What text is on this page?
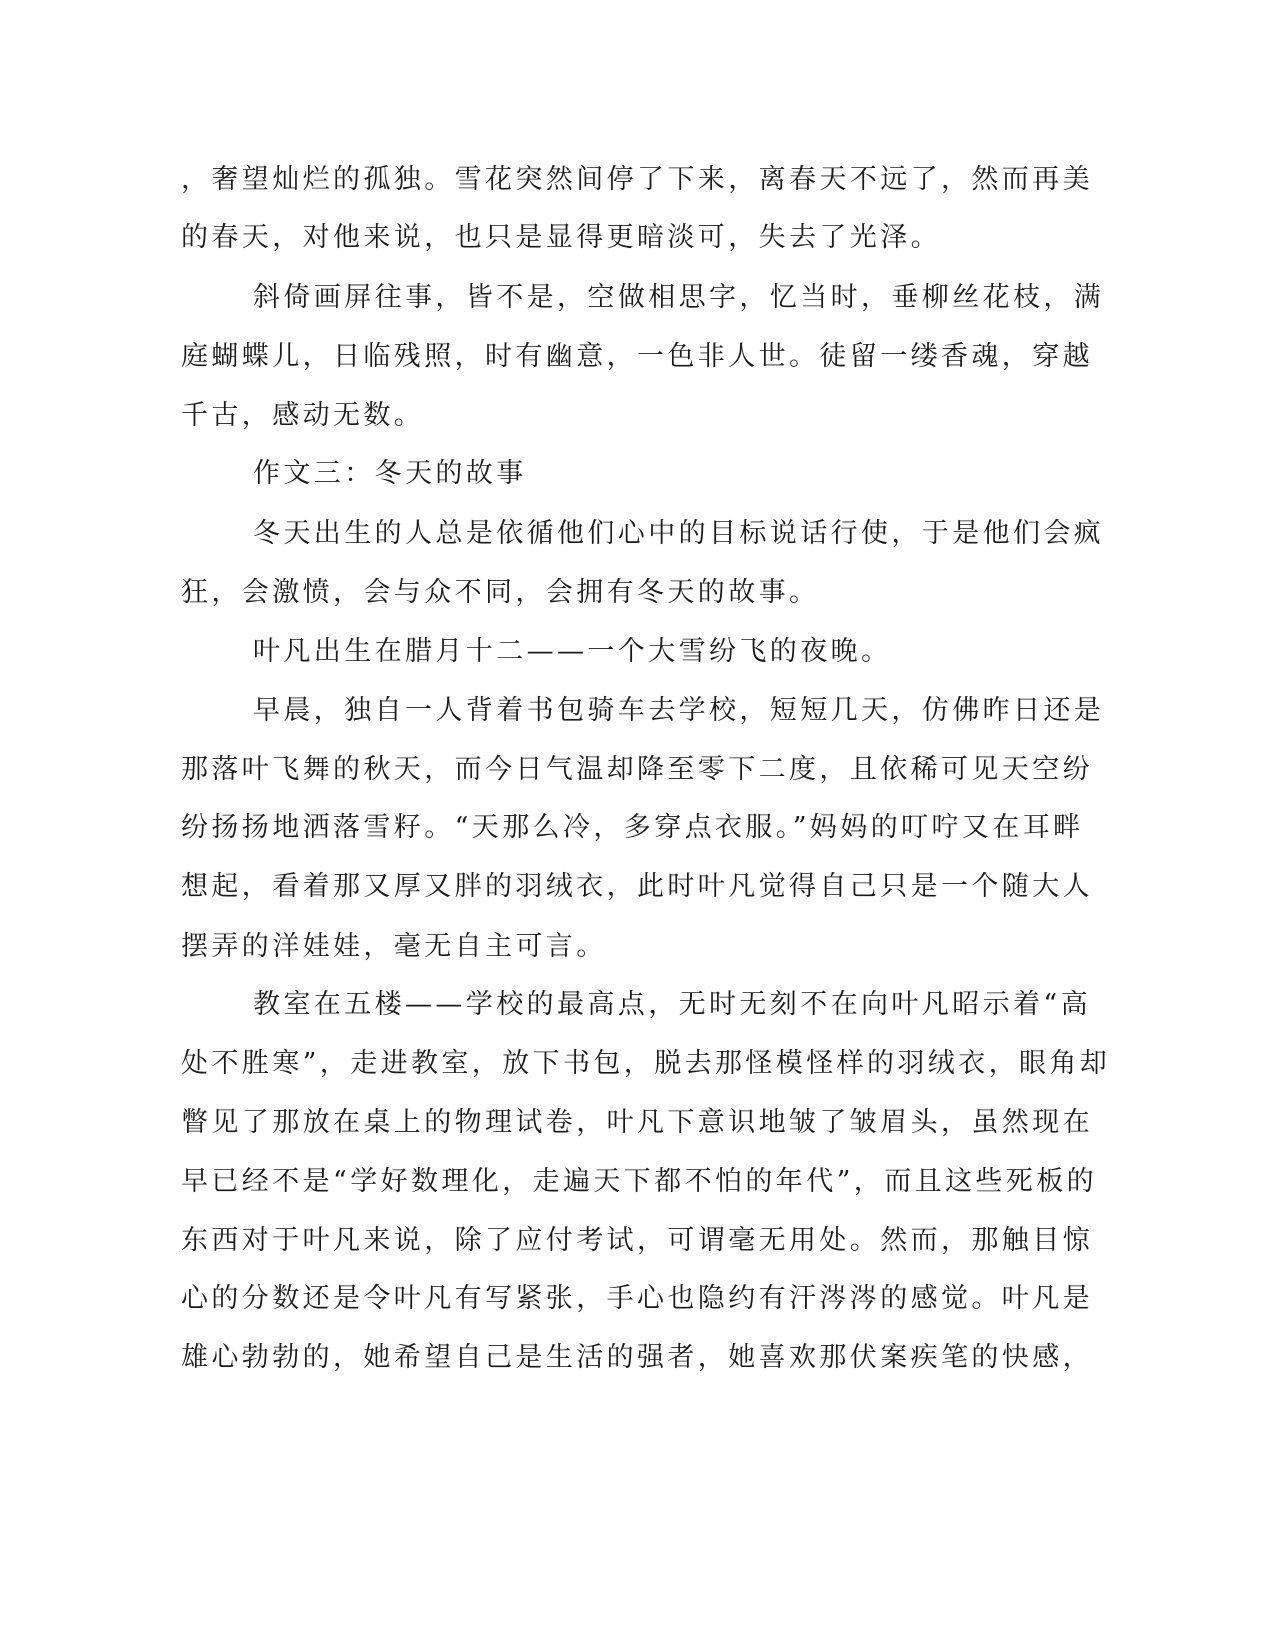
，奢望灿烂的孤独。雪花突然间停了下来，离春天不远了，然而再美
的春天，对他来说，也只是显得更暗淡可，失去了光泽。
斜倚画屏往事，皆不是，空做相思字，忆当时，垂柳丝花枝，满
庭蝴蝶儿，日临残照，时有幽意，一色非人世。徒留一缕香魂，穿越
千古，感动无数。
作文三：冬天的故事
冬天出生的人总是依循他们心中的目标说话行使，于是他们会疯
狂，会激愤，会与众不同，会拥有冬天的故事。
叶凡出生在腊月十二——一个大雪纷飞的夜晚。
早晨，独自一人背着书包骑车去学校，短短几天，仿佛昨日还是
那落叶飞舞的秋天，而今日气温却降至零下二度，且依稀可见天空纷
纷扬扬地洒落雪籽。“天那么冷，多穿点衣服。”妈妈的叮咛又在耳畔
想起，看着那又厚又胖的羽绒衣，此时叶凡觉得自己只是一个随大人
摆弄的洋娃娃，毫无自主可言。
教室在五楼——学校的最高点，无时无刻不在向叶凡昭示着“高
处不胜寒”，走进教室，放下书包，脱去那怪模怪样的羽绒衣，眼角却
瞥见了那放在桌上的物理试卷，叶凡下意识地皱了皱眉头，虽然现在
早已经不是“学好数理化，走遍天下都不怕的年代”，而且这些死板的
东西对于叶凡来说，除了应付考试，可谓毫无用处。然而，那触目惊
心的分数还是令叶凡有写紧张，手心也隐约有汗涔涔的感觉。叶凡是
雄心勃勃的，她希望自己是生活的强者，她喜欢那伏案疾笔的快感，
